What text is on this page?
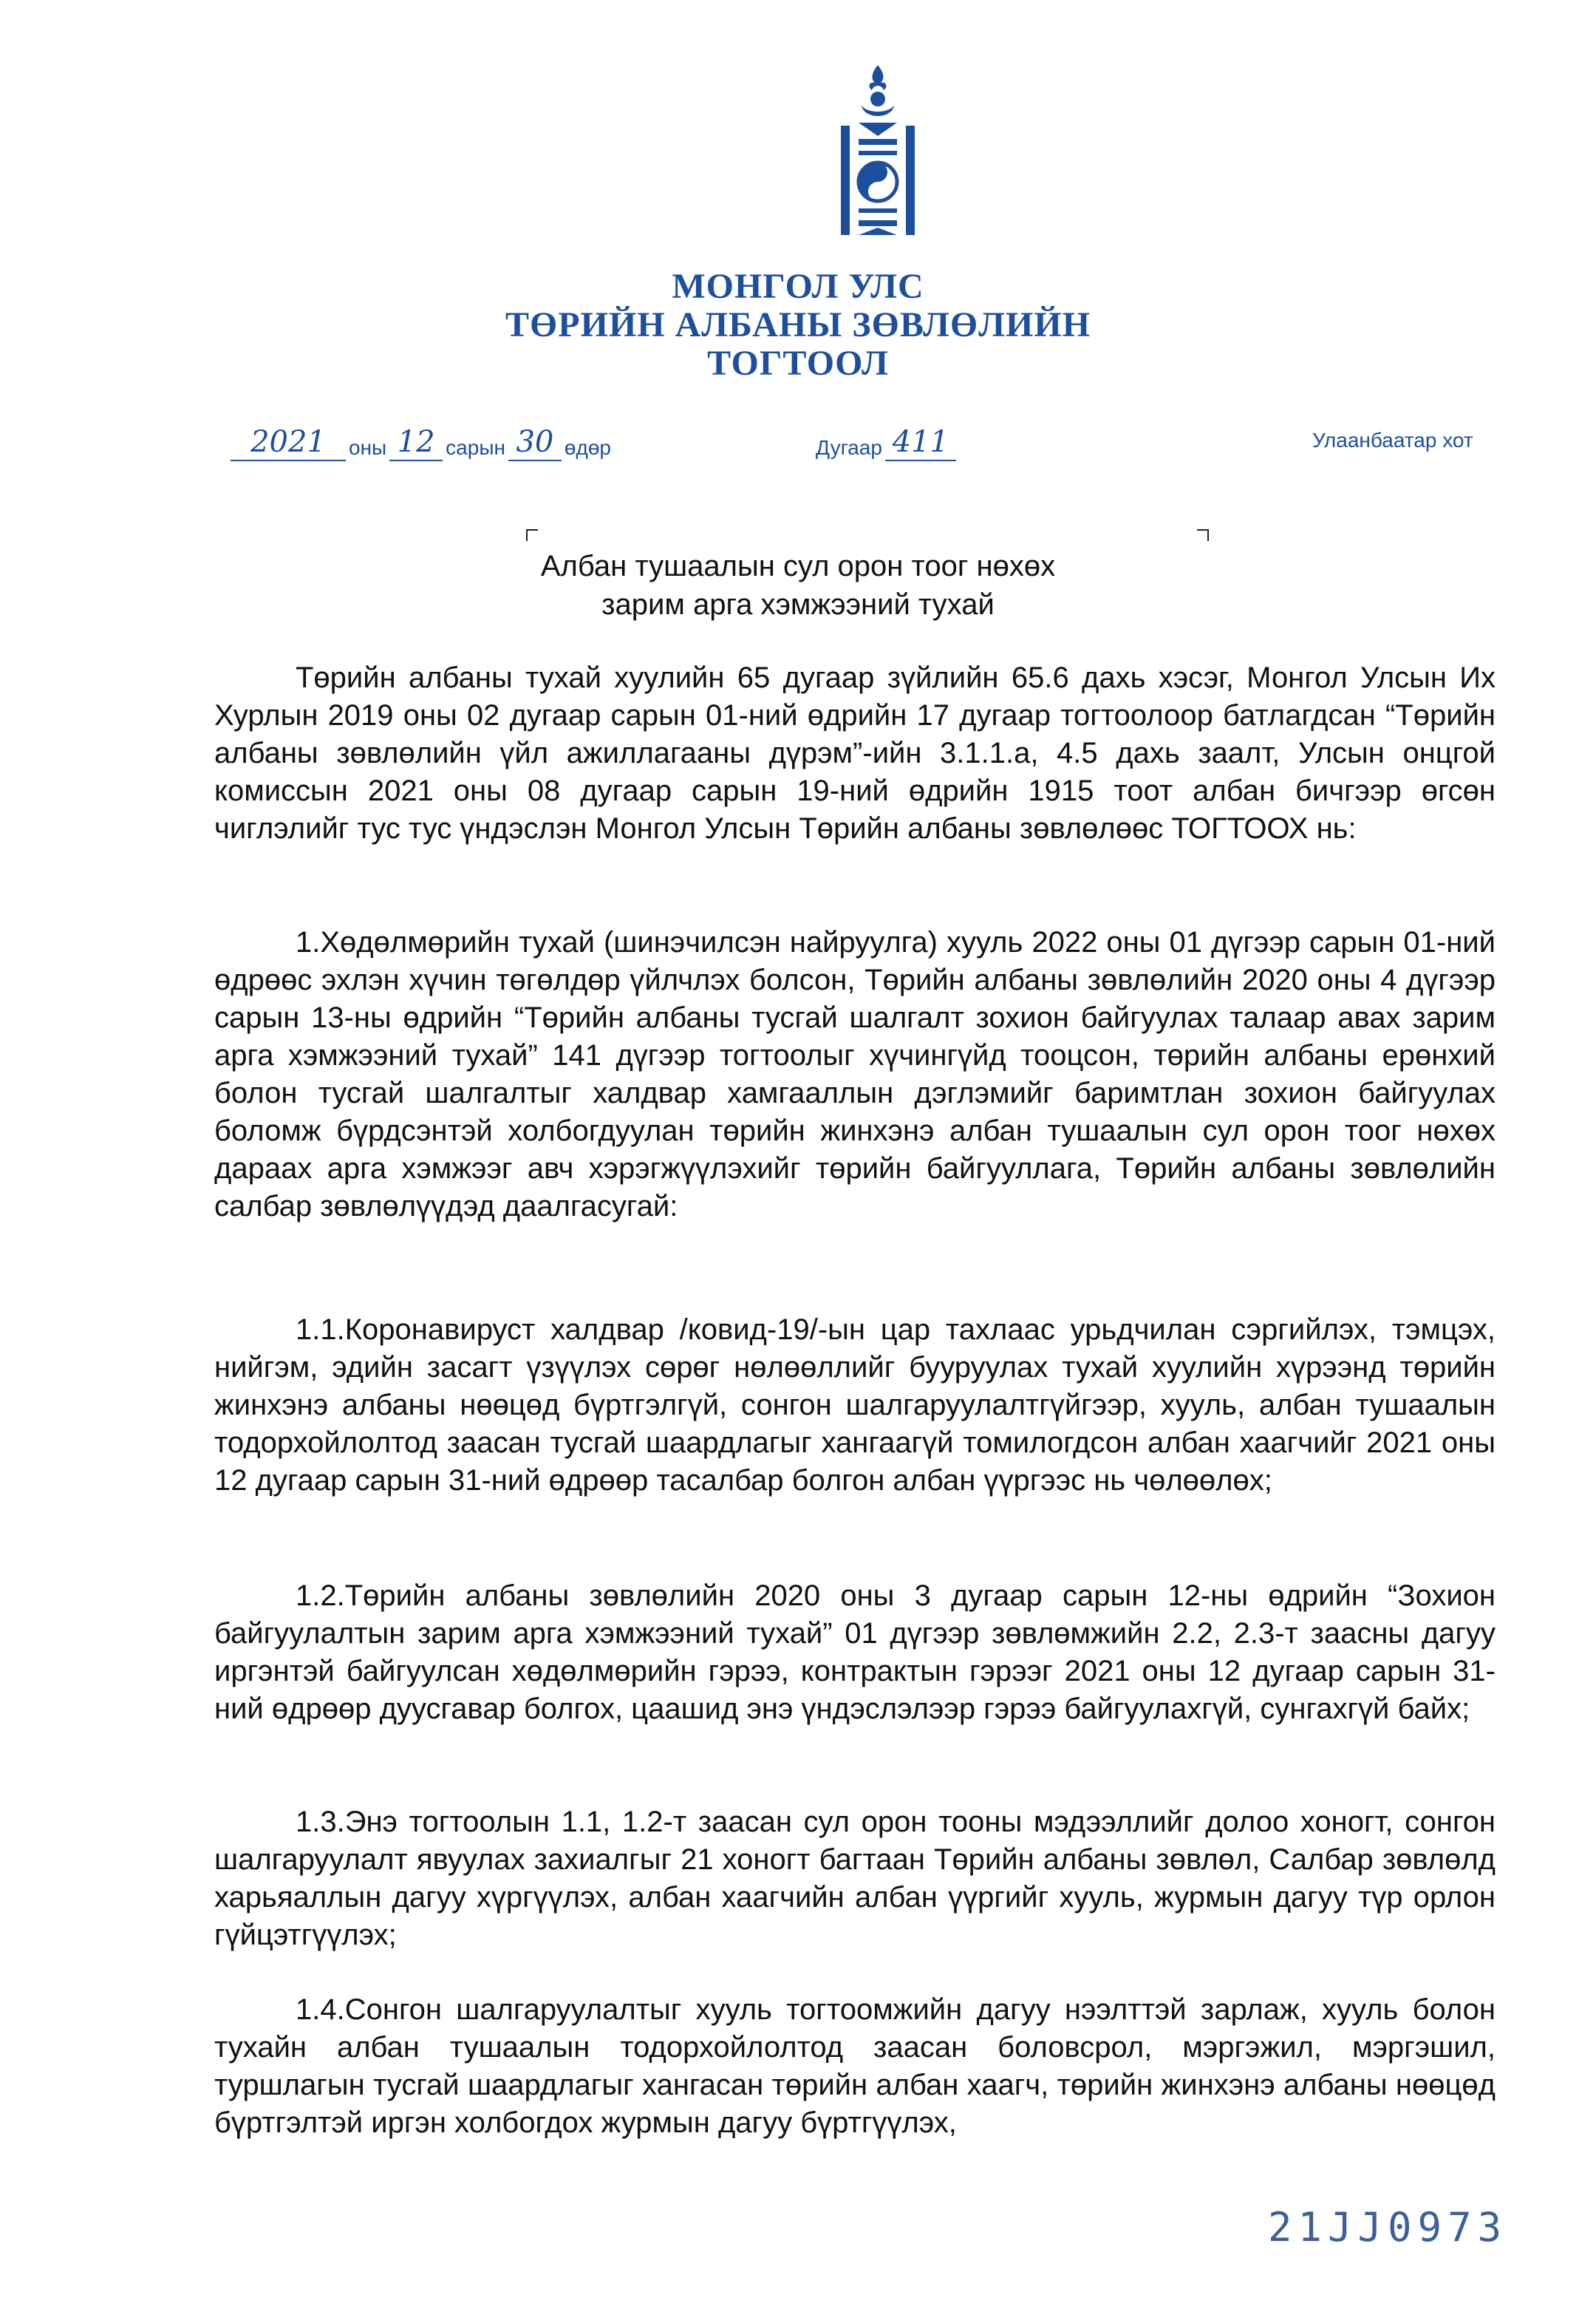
МОНГОЛ УЛС
ТӨРИЙН АЛБАНЫ ЗӨВЛӨЛИЙН
ТОГТООЛ
2021 оны 12 сарын 30 өдөр	Дугаар 411	Улаанбаатар хот
Албан тушаалын сул орон тоог нөхөх
зарим арга хэмжээний тухай
Төрийн албаны тухай хуулийн 65 дугаар зүйлийн 65.6 дахь хэсэг, Монгол Улсын Их Хурлын 2019 оны 02 дугаар сарын 01-ний өдрийн 17 дугаар тогтоолоор батлагдсан “Төрийн албаны зөвлөлийн үйл ажиллагааны дүрэм”-ийн 3.1.1.а, 4.5 дахь заалт, Улсын онцгой комиссын 2021 оны 08 дугаар сарын 19-ний өдрийн 1915 тоот албан бичгээр өгсөн чиглэлийг тус тус үндэслэн Монгол Улсын Төрийн албаны зөвлөлөөс ТОГТООХ нь:
1.Хөдөлмөрийн тухай (шинэчилсэн найруулга) хууль 2022 оны 01 дүгээр сарын 01-ний өдрөөс эхлэн хүчин төгөлдөр үйлчлэх болсон, Төрийн албаны зөвлөлийн 2020 оны 4 дүгээр сарын 13-ны өдрийн “Төрийн албаны тусгай шалгалт зохион байгуулах талаар авах зарим арга хэмжээний тухай” 141 дүгээр тогтоолыг хүчингүйд тооцсон, төрийн албаны ерөнхий болон тусгай шалгалтыг халдвар хамгааллын дэглэмийг баримтлан зохион байгуулах боломж бүрдсэнтэй холбогдуулан төрийн жинхэнэ албан тушаалын сул орон тоог нөхөх дараах арга хэмжээг авч хэрэгжүүлэхийг төрийн байгууллага, Төрийн албаны зөвлөлийн салбар зөвлөлүүдэд даалгасугай:
1.1.Коронавируст халдвар /ковид-19/-ын цар тахлаас урьдчилан сэргийлэх, тэмцэх, нийгэм, эдийн засагт үзүүлэх сөрөг нөлөөллийг бууруулах тухай хуулийн хүрээнд төрийн жинхэнэ албаны нөөцөд бүртгэлгүй, сонгон шалгаруулалтгүйгээр, хууль, албан тушаалын тодорхойлолтод заасан тусгай шаардлагыг хангаагүй томилогдсон албан хаагчийг 2021 оны 12 дугаар сарын 31-ний өдрөөр тасалбар болгон албан үүргээс нь чөлөөлөх;
1.2.Төрийн албаны зөвлөлийн 2020 оны 3 дугаар сарын 12-ны өдрийн “Зохион байгуулалтын зарим арга хэмжээний тухай” 01 дүгээр зөвлөмжийн 2.2, 2.3-т заасны дагуу иргэнтэй байгуулсан хөдөлмөрийн гэрээ, контрактын гэрээг 2021 оны 12 дугаар сарын 31-ний өдрөөр дуусгавар болгох, цаашид энэ үндэслэлээр гэрээ байгуулахгүй, сунгахгүй байх;
1.3.Энэ тогтоолын 1.1, 1.2-т заасан сул орон тооны мэдээллийг долоо хоногт, сонгон шалгаруулалт явуулах захиалгыг 21 хоногт багтаан Төрийн албаны зөвлөл, Салбар зөвлөлд харьяаллын дагуу хүргүүлэх, албан хаагчийн албан үүргийг хууль, журмын дагуу түр орлон гүйцэтгүүлэх;
1.4.Сонгон шалгаруулалтыг хууль тогтоомжийн дагуу нээлттэй зарлаж, хууль болон тухайн албан тушаалын тодорхойлолтод заасан боловсрол, мэргэжил, мэргэшил, туршлагын тусгай шаардлагыг хангасан төрийн албан хаагч, төрийн жинхэнэ албаны нөөцөд бүртгэлтэй иргэн холбогдох журмын дагуу бүртгүүлэх,
21JJ0973
